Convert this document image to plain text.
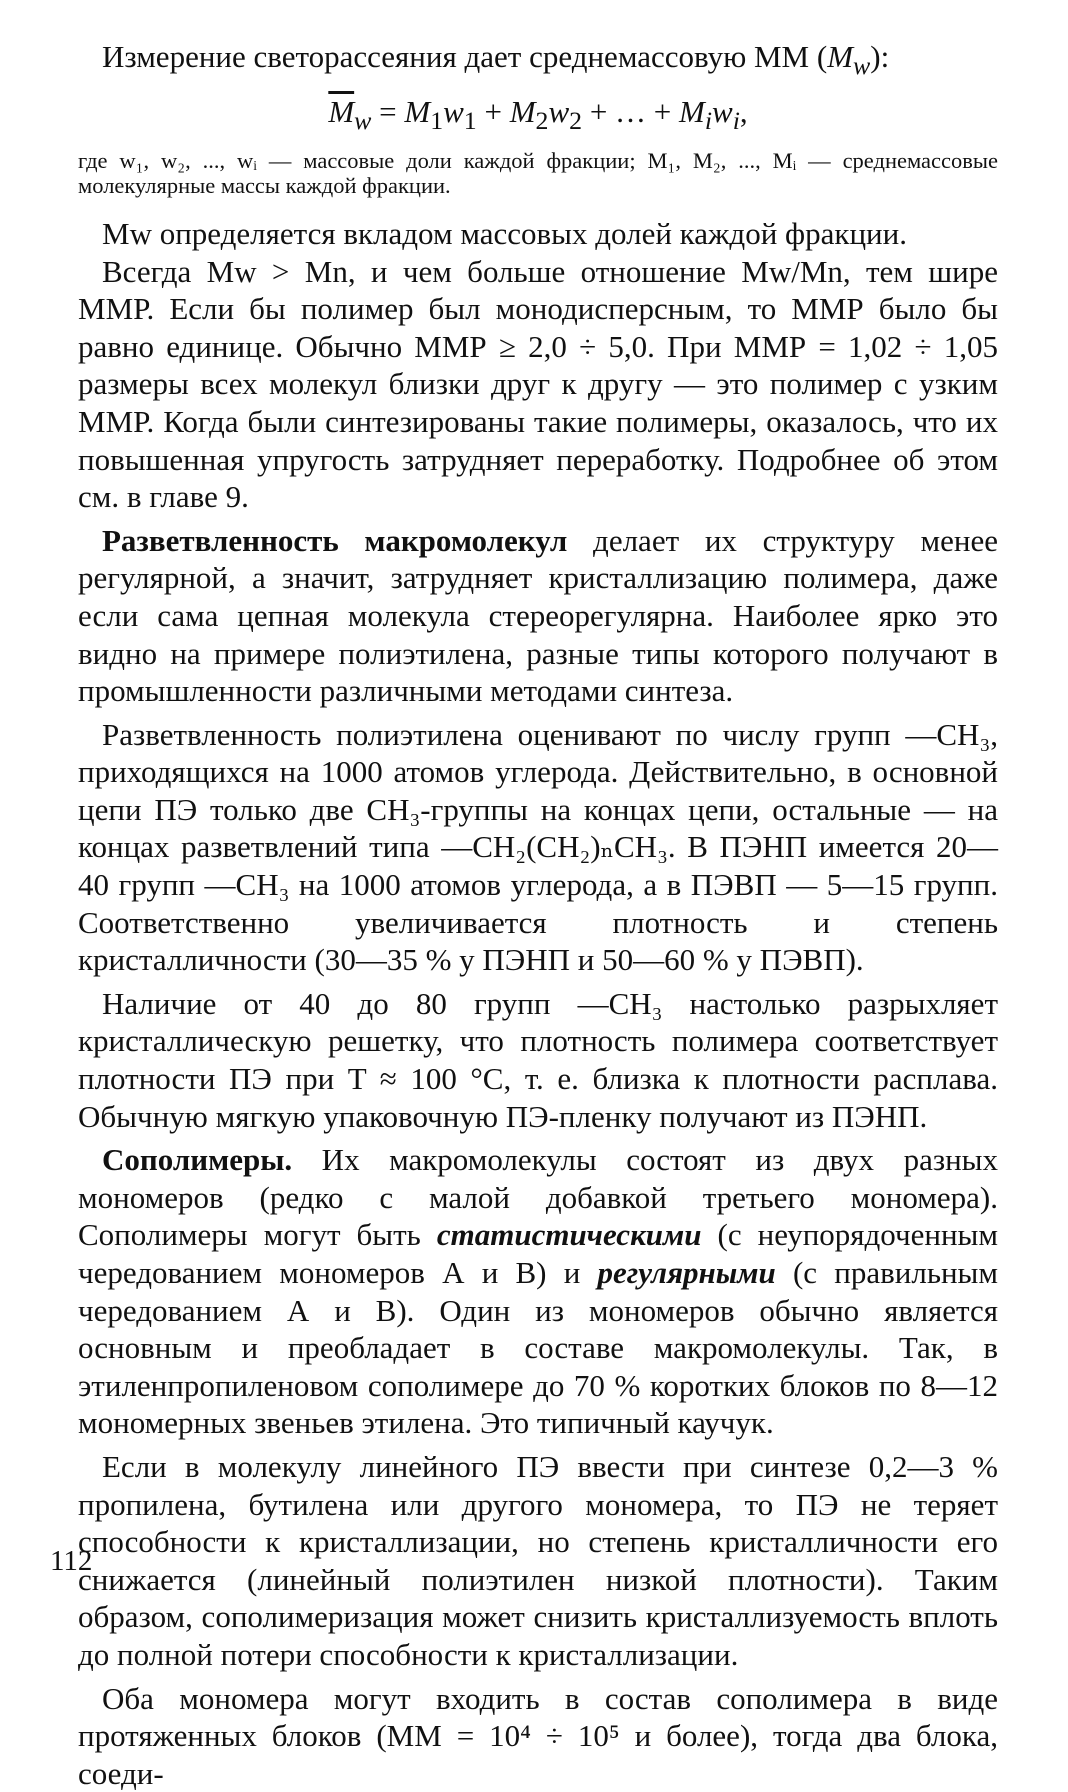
Измерение светорассеяния дает среднемассовую ММ $(M_w)$:

$\overline{M}_w = M_1w_1 + M_2w_2$ + … + $M_iw_i$,

где w₁, w₂, ..., wᵢ — массовые доли каждой фракции; M₁, M₂, ..., Mᵢ — среднемассовые молекулярные массы каждой фракции.

Mw определяется вкладом массовых долей каждой фракции.

Всегда Mw > Mn, и чем больше отношение Mw/Mn, тем шире ММР. Если бы полимер был монодисперсным, то ММР было бы равно единице. Обычно ММР ≥ 2,0 ÷ 5,0. При ММР = 1,02 ÷ 1,05 размеры всех молекул близки друг к другу — это полимер с узким ММР. Когда были синтезированы такие полимеры, оказалось, что их повышенная упругость затрудняет переработку. Подробнее об этом см. в главе 9.

Разветвленность макромолекул делает их структуру менее регулярной, а значит, затрудняет кристаллизацию полимера, даже если сама цепная молекула стереорегулярна. Наиболее ярко это видно на примере полиэтилена, разные типы которого получают в промышленности различными методами синтеза.

Разветвленность полиэтилена оценивают по числу групп —CH₃, приходящихся на 1000 атомов углерода. Действительно, в основной цепи ПЭ только две CH₃-группы на концах цепи, остальные — на концах разветвлений типа —CH₂(CH₂)ₙCH₃. В ПЭНП имеется 20—40 групп —CH₃ на 1000 атомов углерода, а в ПЭВП — 5—15 групп. Соответственно увеличивается плотность и степень кристалличности (30—35 % у ПЭНП и 50—60 % у ПЭВП).

Наличие от 40 до 80 групп —CH₃ настолько разрыхляет кристаллическую решетку, что плотность полимера соответствует плотности ПЭ при T ≈ 100 °C, т. е. близка к плотности расплава. Обычную мягкую упаковочную ПЭ-пленку получают из ПЭНП.

Сополимеры. Их макромолекулы состоят из двух разных мономеров (редко с малой добавкой третьего мономера). Сополимеры могут быть статистическими (с неупорядоченным чередованием мономеров А и В) и регулярными (с правильным чередованием А и В). Один из мономеров обычно является основным и преобладает в составе макромолекулы. Так, в этиленпропиленовом сополимере до 70 % коротких блоков по 8—12 мономерных звеньев этилена. Это типичный каучук.

Если в молекулу линейного ПЭ ввести при синтезе 0,2—3 % пропилена, бутилена или другого мономера, то ПЭ не теряет способности к кристаллизации, но степень кристалличности его снижается (линейный полиэтилен низкой плотности). Таким образом, сополимеризация может снизить кристаллизуемость вплоть до полной потери способности к кристаллизации.

Оба мономера могут входить в состав сополимера в виде протяженных блоков (ММ = 10⁴ ÷ 10⁵ и более), тогда два блока, соеди-

112
